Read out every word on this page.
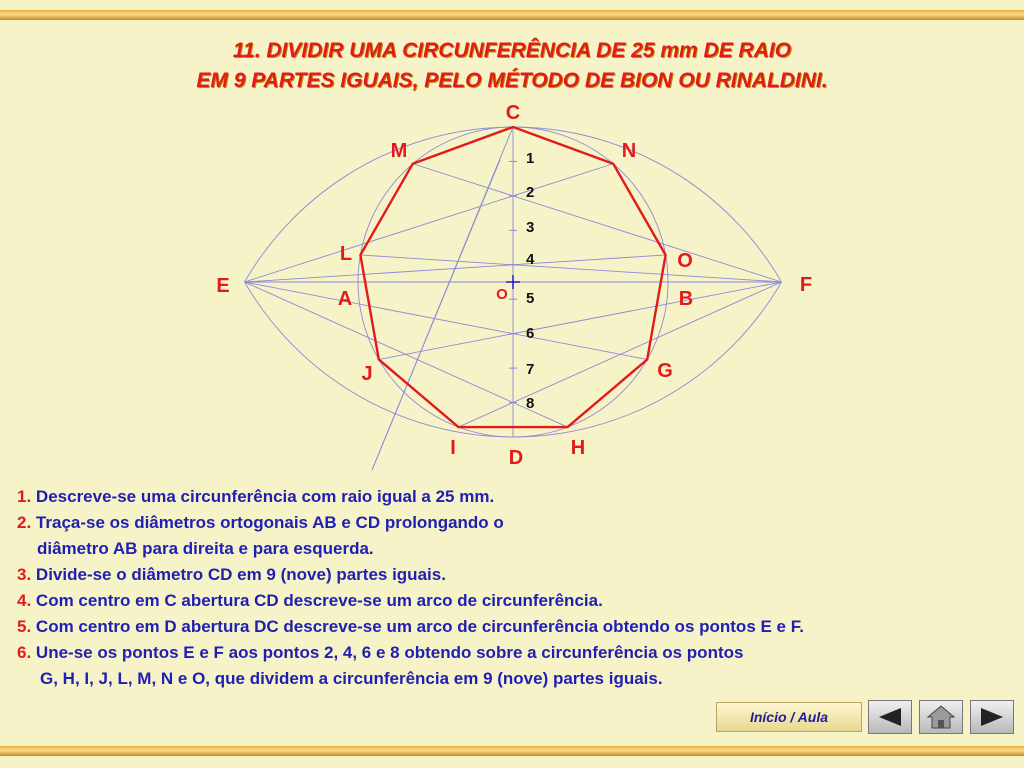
11. DIVIDIR UMA CIRCUNFERÊNCIA DE 25 mm DE RAIO
EM 9 PARTES IGUAIS, PELO MÉTODO DE BION OU RINALDINI.
C
D
E	F
A	B
G
H
I
J
L
M	N
O
O
1
2
3
4
5
6
7
8
1. Descreve-se uma circunferência com raio igual a 25 mm.
2. Traça-se os diâmetros ortogonais AB e CD prolongando o
diâmetro AB para direita e para esquerda.
3. Divide-se o diâmetro CD em 9 (nove) partes iguais.
4. Com centro em C abertura CD descreve-se um arco de circunferência.
5. Com centro em D abertura DC descreve-se um arco de circunferência obtendo os pontos E e F.
6. Une-se os pontos E e F aos pontos 2, 4, 6 e 8 obtendo sobre a circunferência os pontos
G, H, I, J, L, M, N e O, que dividem a circunferência em 9 (nove) partes iguais.
Início / Aula
